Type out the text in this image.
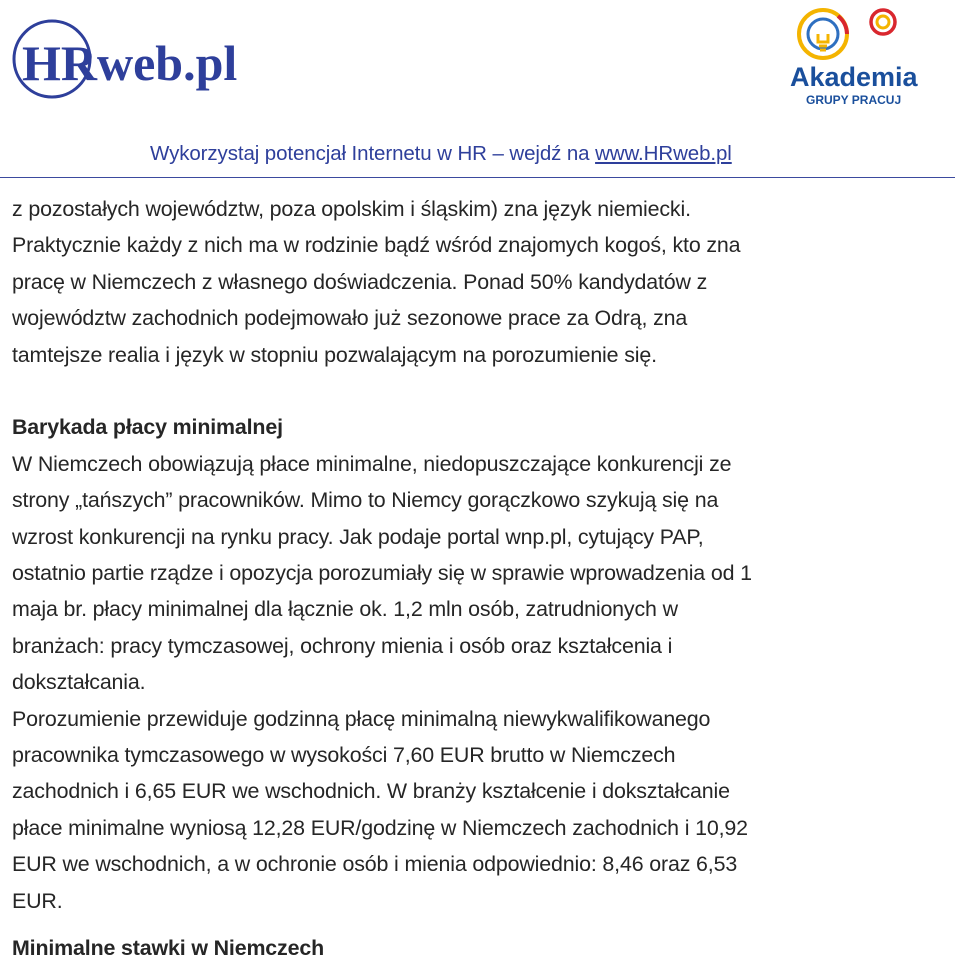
HRweb.pl	Akademia
GRUPY PRACUJ
Wykorzystaj potencjał Internetu w HR – wejdź na www.HRweb.pl

z pozostałych województw, poza opolskim i śląskim) zna język niemiecki.
Praktycznie każdy z nich ma w rodzinie bądź wśród znajomych kogoś, kto zna
pracę w Niemczech z własnego doświadczenia. Ponad 50% kandydatów z
województw zachodnich podejmowało już sezonowe prace za Odrą, zna
tamtejsze realia i język w stopniu pozwalającym na porozumienie się.

Barykada płacy minimalnej

W Niemczech obowiązują płace minimalne, niedopuszczające konkurencji ze
strony „tańszych” pracowników. Mimo to Niemcy gorączkowo szykują się na
wzrost konkurencji na rynku pracy. Jak podaje portal wnp.pl, cytujący PAP,
ostatnio partie rządze i opozycja porozumiały się w sprawie wprowadzenia od 1
maja br. płacy minimalnej dla łącznie ok. 1,2 mln osób, zatrudnionych w
branżach: pracy tymczasowej, ochrony mienia i osób oraz kształcenia i
dokształcania.

Porozumienie przewiduje godzinną płacę minimalną niewykwalifikowanego
pracownika tymczasowego w wysokości 7,60 EUR brutto w Niemczech
zachodnich i 6,65 EUR we wschodnich. W branży kształcenie i dokształcanie
płace minimalne wyniosą 12,28 EUR/godzinę w Niemczech zachodnich i 10,92
EUR we wschodnich, a w ochronie osób i mienia odpowiednio: 8,46 oraz 6,53
EUR.

Minimalne stawki w Niemczech
